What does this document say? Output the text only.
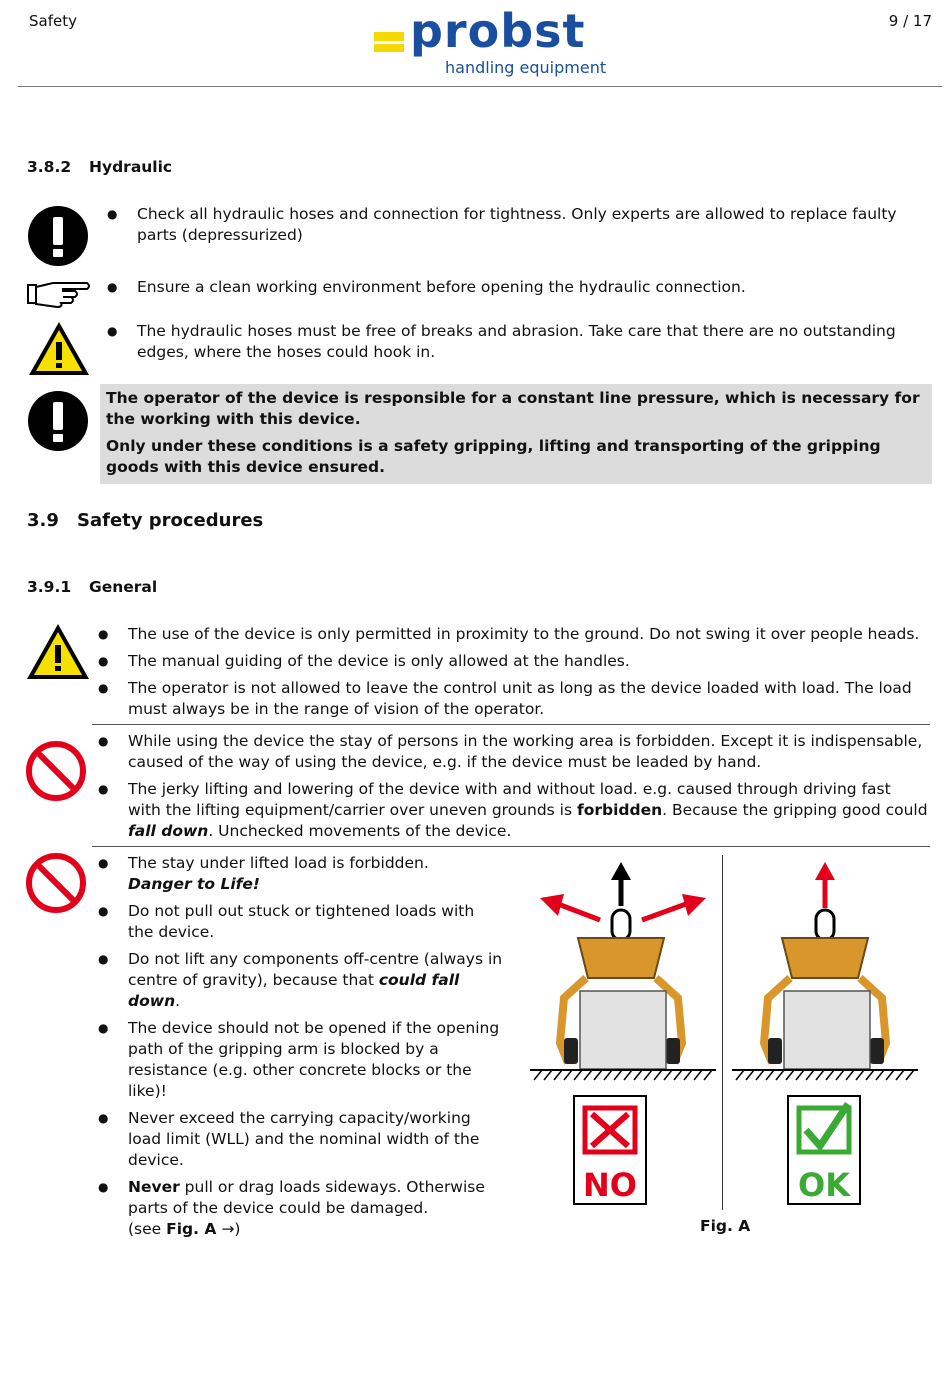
Safety	9 / 17
probst
handling equipment
3.8.2 Hydraulic
● Check all hydraulic hoses and connection for tightness. Only experts are allowed to replace faulty parts (depressurized)
● Ensure a clean working environment before opening the hydraulic connection.
● The hydraulic hoses must be free of breaks and abrasion. Take care that there are no outstanding edges, where the hoses could hook in.

The operator of the device is responsible for a constant line pressure, which is necessary for the working with this device.

Only under these conditions is a safety gripping, lifting and transporting of the gripping goods with this device ensured.

3.9 Safety procedures
3.9.1 General
● The use of the device is only permitted in proximity to the ground. Do not swing it over people heads.
● The manual guiding of the device is only allowed at the handles.
● The operator is not allowed to leave the control unit as long as the device loaded with load. The load must always be in the range of vision of the operator.
● While using the device the stay of persons in the working area is forbidden. Except it is indispensable, caused of the way of using the device, e.g. if the device must be leaded by hand.
● The jerky lifting and lowering of the device with and without load. e.g. caused through driving fast with the lifting equipment/carrier over uneven grounds is forbidden. Because the gripping good could fall down. Unchecked movements of the device.
● The stay under lifted load is forbidden.
Danger to Life!
● Do not pull out stuck or tightened loads with the device.
● Do not lift any components off-centre (always in centre of gravity), because that could fall down.
● The device should not be opened if the opening path of the gripping arm is blocked by a resistance (e.g. other concrete blocks or the like)!
● Never exceed the carrying capacity/working load limit (WLL) and the nominal width of the device.
● Never pull or drag loads sideways. Otherwise parts of the device could be damaged.
(see Fig. A →)
NO	OK
Fig. A
